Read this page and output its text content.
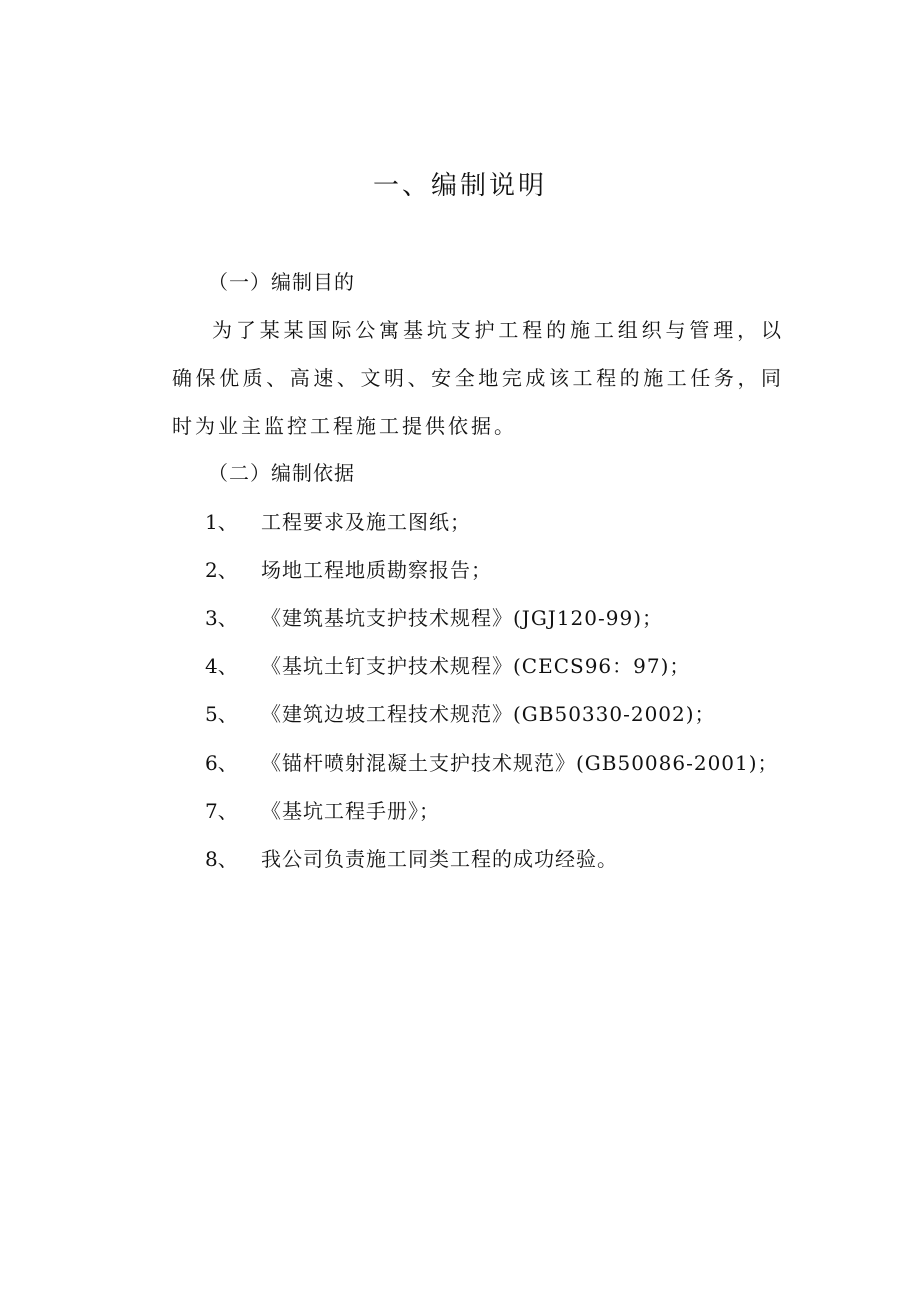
一、编制说明
（一）编制目的
为了某某国际公寓基坑支护工程的施工组织与管理，以确保优质、高速、文明、安全地完成该工程的施工任务，同时为业主监控工程施工提供依据。
（二）编制依据
1、 工程要求及施工图纸；
2、 场地工程地质勘察报告；
3、 《建筑基坑支护技术规程》(JGJ120-99)；
4、 《基坑土钉支护技术规程》(CECS96：97)；
5、 《建筑边坡工程技术规范》(GB50330-2002)；
6、 《锚杆喷射混凝土支护技术规范》(GB50086-2001)；
7、 《基坑工程手册》；
8、 我公司负责施工同类工程的成功经验。
